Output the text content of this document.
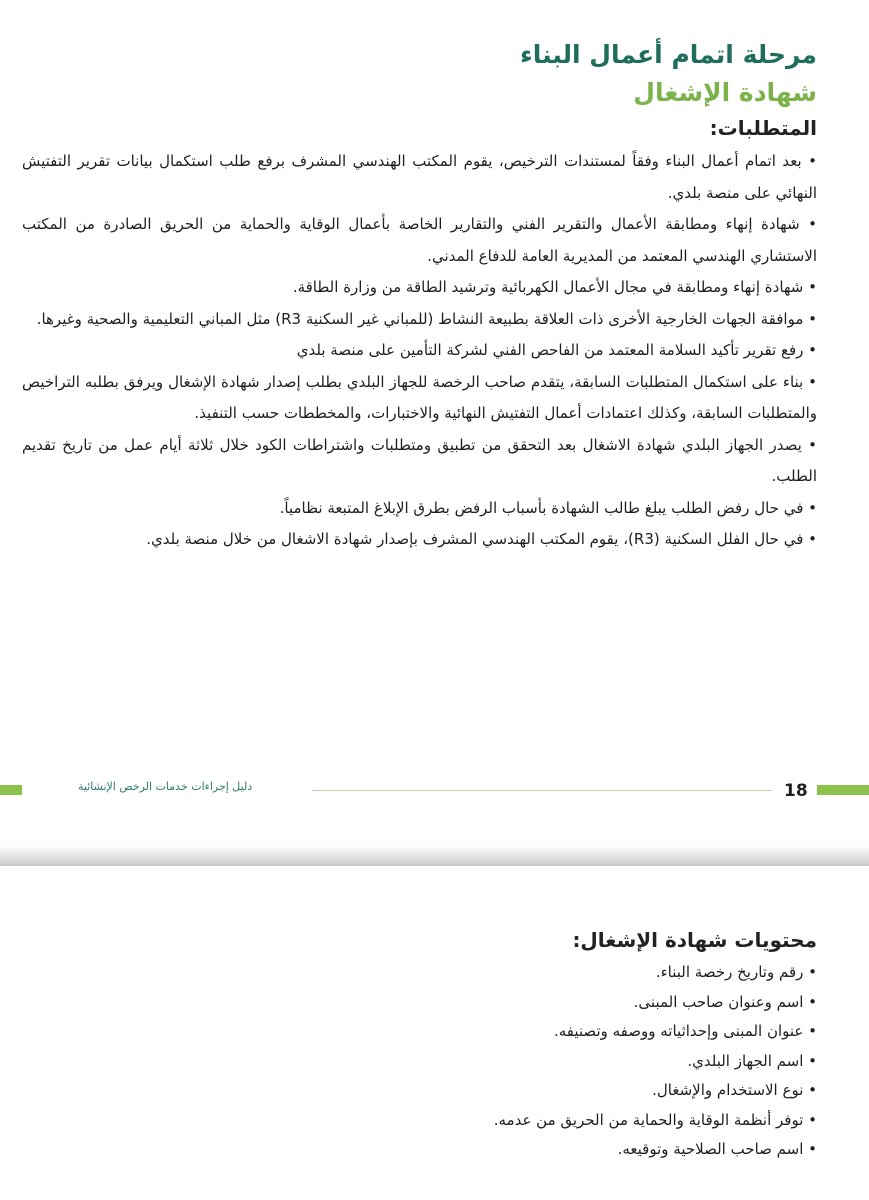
مرحلة اتمام أعمال البناء
شهادة الإشغال
المتطلبات:
• بعد اتمام أعمال البناء وفقاً لمستندات الترخيص، يقوم المكتب الهندسي المشرف برفع طلب استكمال بيانات تقرير التفتيش النهائي على منصة بلدي.
• شهادة إنهاء ومطابقة الأعمال والتقرير الفني والتقارير الخاصة بأعمال الوقاية والحماية من الحريق الصادرة من المكتب الاستشاري الهندسي المعتمد من المديرية العامة للدفاع المدني.
• شهادة إنهاء ومطابقة في مجال الأعمال الكهربائية وترشيد الطاقة من وزارة الطاقة.
• موافقة الجهات الخارجية الأخرى ذات العلاقة بطبيعة النشاط (للمباني غير السكنية R3) مثل المباني التعليمية والصحية وغيرها.
• رفع تقرير تأكيد السلامة المعتمد من الفاحص الفني لشركة التأمين على منصة بلدي
• بناء على استكمال المتطلبات السابقة، يتقدم صاحب الرخصة للجهاز البلدي بطلب إصدار شهادة الإشغال ويرفق بطلبه التراخيص والمتطلبات السابقة، وكذلك اعتمادات أعمال التفتيش النهائية والاختبارات، والمخططات حسب التنفيذ.
• يصدر الجهاز البلدي شهادة الاشغال بعد التحقق من تطبيق ومتطلبات واشتراطات الكود خلال ثلاثة أيام عمل من تاريخ تقديم الطلب.
• في حال رفض الطلب يبلغ طالب الشهادة بأسباب الرفض بطرق الإبلاغ المتبعة نظامياً.
• في حال الفلل السكنية (R3)، يقوم المكتب الهندسي المشرف بإصدار شهادة الاشغال من خلال منصة بلدي.
دليل إجراءات خدمات الرخص الإنشائية	18
محتويات شهادة الإشغال:
• رقم وتاريخ رخصة البناء.
• اسم وعنوان صاحب المبنى.
• عنوان المبنى وإحداثياته ووصفه وتصنيفه.
• اسم الجهاز البلدي.
• نوع الاستخدام والإشغال.
• توفر أنظمة الوقاية والحماية من الحريق من عدمه.
• اسم صاحب الصلاحية وتوقيعه.
